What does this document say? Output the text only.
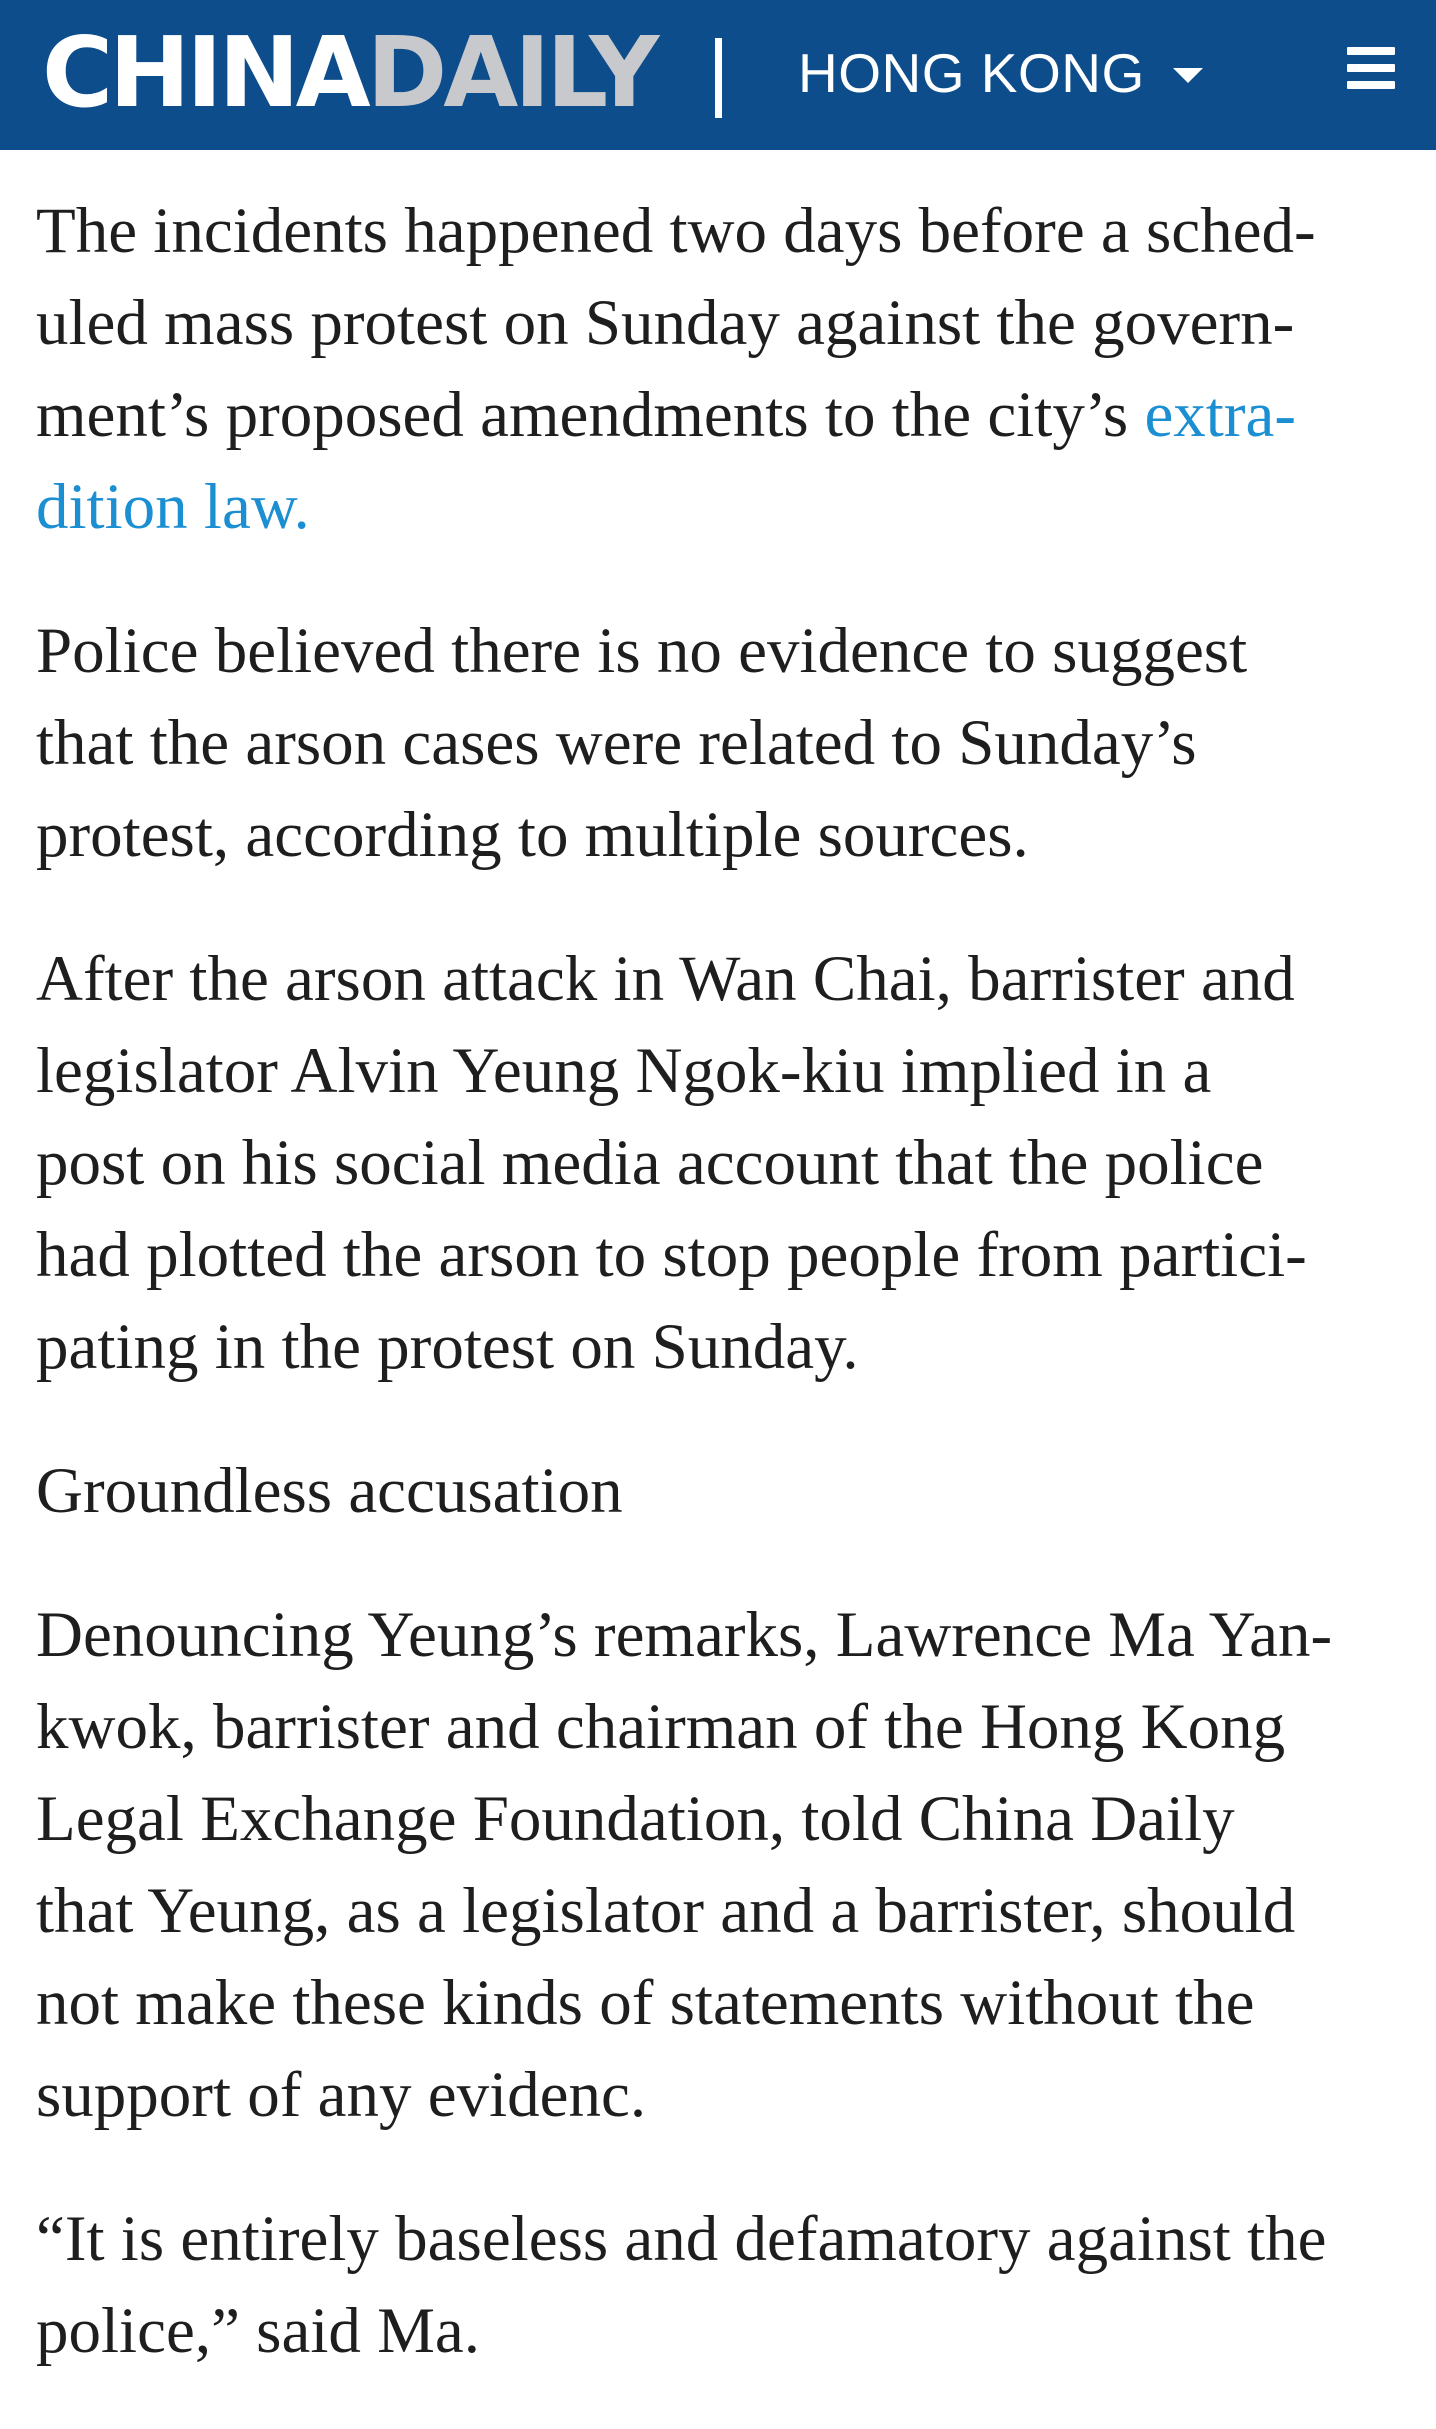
CHINADAILY	HONG KONG

The incidents happened two days before a sched-
uled mass protest on Sunday against the govern-
ment’s proposed amendments to the city’s extra-
dition law.

Police believed there is no evidence to suggest
that the arson cases were related to Sunday’s
protest, according to multiple sources.

After the arson attack in Wan Chai, barrister and
legislator Alvin Yeung Ngok-kiu implied in a
post on his social media account that the police
had plotted the arson to stop people from partici-
pating in the protest on Sunday.

Groundless accusation

Denouncing Yeung’s remarks, Lawrence Ma Yan-
kwok, barrister and chairman of the Hong Kong
Legal Exchange Foundation, told China Daily
that Yeung, as a legislator and a barrister, should
not make these kinds of statements without the
support of any evidenc.

“It is entirely baseless and defamatory against the
police,” said Ma.
